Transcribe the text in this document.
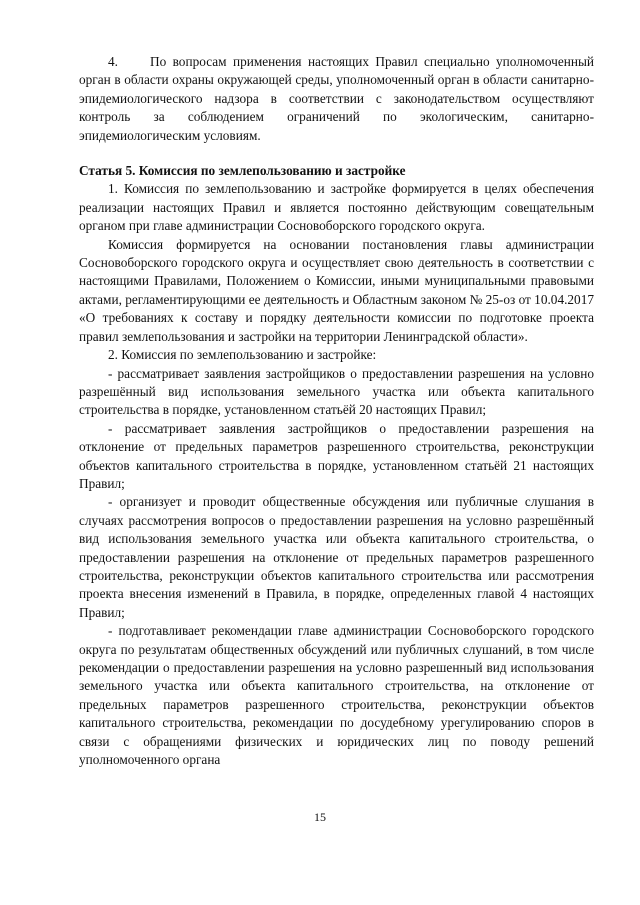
4.     По вопросам применения настоящих Правил специально уполномоченный орган в области охраны окружающей среды, уполномоченный орган в области санитарно-эпидемиологического надзора в соответствии с законодательством осуществляют контроль за соблюдением ограничений по экологическим, санитарно-эпидемиологическим условиям.

Статья 5. Комиссия по землепользованию и застройке

1. Комиссия по землепользованию и застройке формируется в целях обеспечения реализации настоящих Правил и является постоянно действующим совещательным органом при главе администрации Сосновоборского городского округа.

Комиссия формируется на основании постановления главы администрации Сосновоборского городского округа и осуществляет свою деятельность в соответствии с настоящими Правилами, Положением о Комиссии, иными муниципальными правовыми актами, регламентирующими ее деятельность и Областным законом № 25-оз от 10.04.2017 «О требованиях к составу и порядку деятельности комиссии по подготовке проекта правил землепользования и застройки на территории Ленинградской области».

2. Комиссия по землепользованию и застройке:

- рассматривает заявления застройщиков о предоставлении разрешения на условно разрешённый вид использования земельного участка или объекта капитального строительства в порядке, установленном статьёй 20 настоящих Правил;

- рассматривает заявления застройщиков о предоставлении разрешения на отклонение от предельных параметров разрешенного строительства, реконструкции объектов капитального строительства в порядке, установленном статьёй 21 настоящих Правил;

- организует и проводит общественные обсуждения или публичные слушания в случаях рассмотрения вопросов о предоставлении разрешения на условно разрешённый вид использования земельного участка или объекта капитального строительства, о предоставлении разрешения на отклонение от предельных параметров разрешенного строительства, реконструкции объектов капитального строительства или рассмотрения проекта внесения изменений в Правила, в порядке, определенных главой 4 настоящих Правил;

- подготавливает рекомендации главе администрации Сосновоборского городского округа по результатам общественных обсуждений или публичных слушаний, в том числе рекомендации о предоставлении разрешения на условно разрешенный вид использования земельного участка или объекта капитального строительства, на отклонение от предельных параметров разрешенного строительства, реконструкции объектов капитального строительства, рекомендации по досудебному урегулированию споров в связи с обращениями физических и юридических лиц по поводу решений уполномоченного органа

15
